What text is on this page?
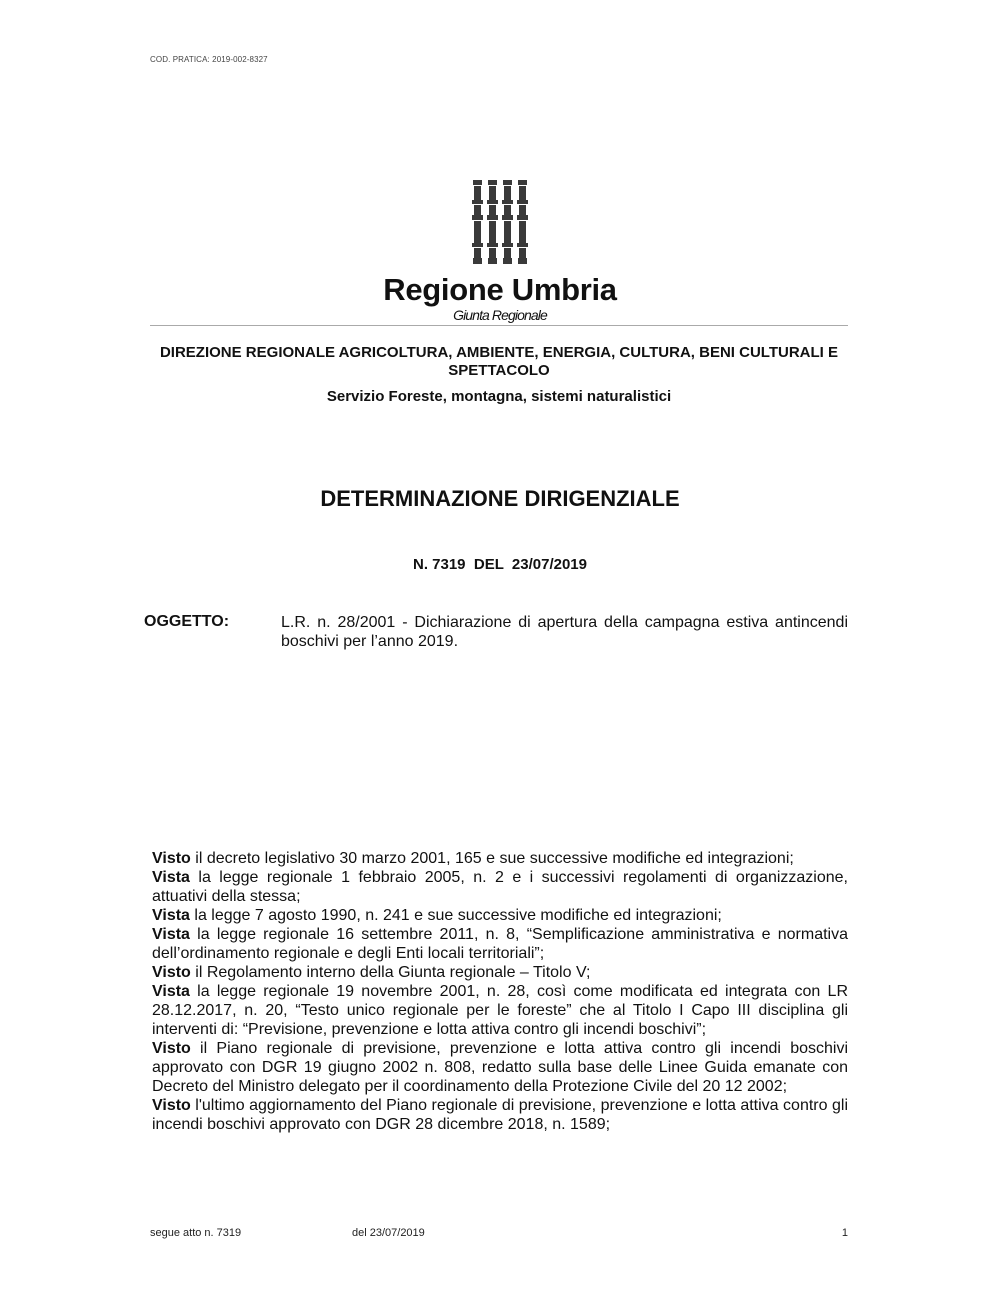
COD. PRATICA: 2019-002-8327
Regione Umbria
Giunta Regionale
DIREZIONE REGIONALE AGRICOLTURA, AMBIENTE, ENERGIA, CULTURA, BENI CULTURALI E SPETTACOLO
Servizio Foreste, montagna, sistemi naturalistici
DETERMINAZIONE DIRIGENZIALE
N. 7319  DEL  23/07/2019
OGGETTO:	L.R. n. 28/2001 - Dichiarazione di apertura della campagna estiva antincendi boschivi per l’anno 2019.

Visto il decreto legislativo 30 marzo 2001, 165 e sue successive modifiche ed integrazioni;

Vista la legge regionale 1 febbraio 2005, n. 2 e i successivi regolamenti di organizzazione, attuativi della stessa;

Vista la legge 7 agosto 1990, n. 241 e sue successive modifiche ed integrazioni;

Vista la legge regionale 16 settembre 2011, n. 8, “Semplificazione amministrativa e normativa dell’ordinamento regionale e degli Enti locali territoriali”;

Visto il Regolamento interno della Giunta regionale – Titolo V;

Vista la legge regionale 19 novembre 2001, n. 28, così come modificata ed integrata con LR 28.12.2017, n. 20, “Testo unico regionale per le foreste” che al Titolo I Capo III disciplina gli interventi di: “Previsione, prevenzione e lotta attiva contro gli incendi boschivi”;

Visto il Piano regionale di previsione, prevenzione e lotta attiva contro gli incendi boschivi approvato con DGR 19 giugno 2002 n. 808, redatto sulla base delle Linee Guida emanate con Decreto del Ministro delegato per il coordinamento della Protezione Civile del 20 12 2002;

Visto l'ultimo aggiornamento del Piano regionale di previsione, prevenzione e lotta attiva contro gli incendi boschivi approvato con DGR 28 dicembre 2018, n. 1589;

segue atto n. 7319	del 23/07/2019	1
